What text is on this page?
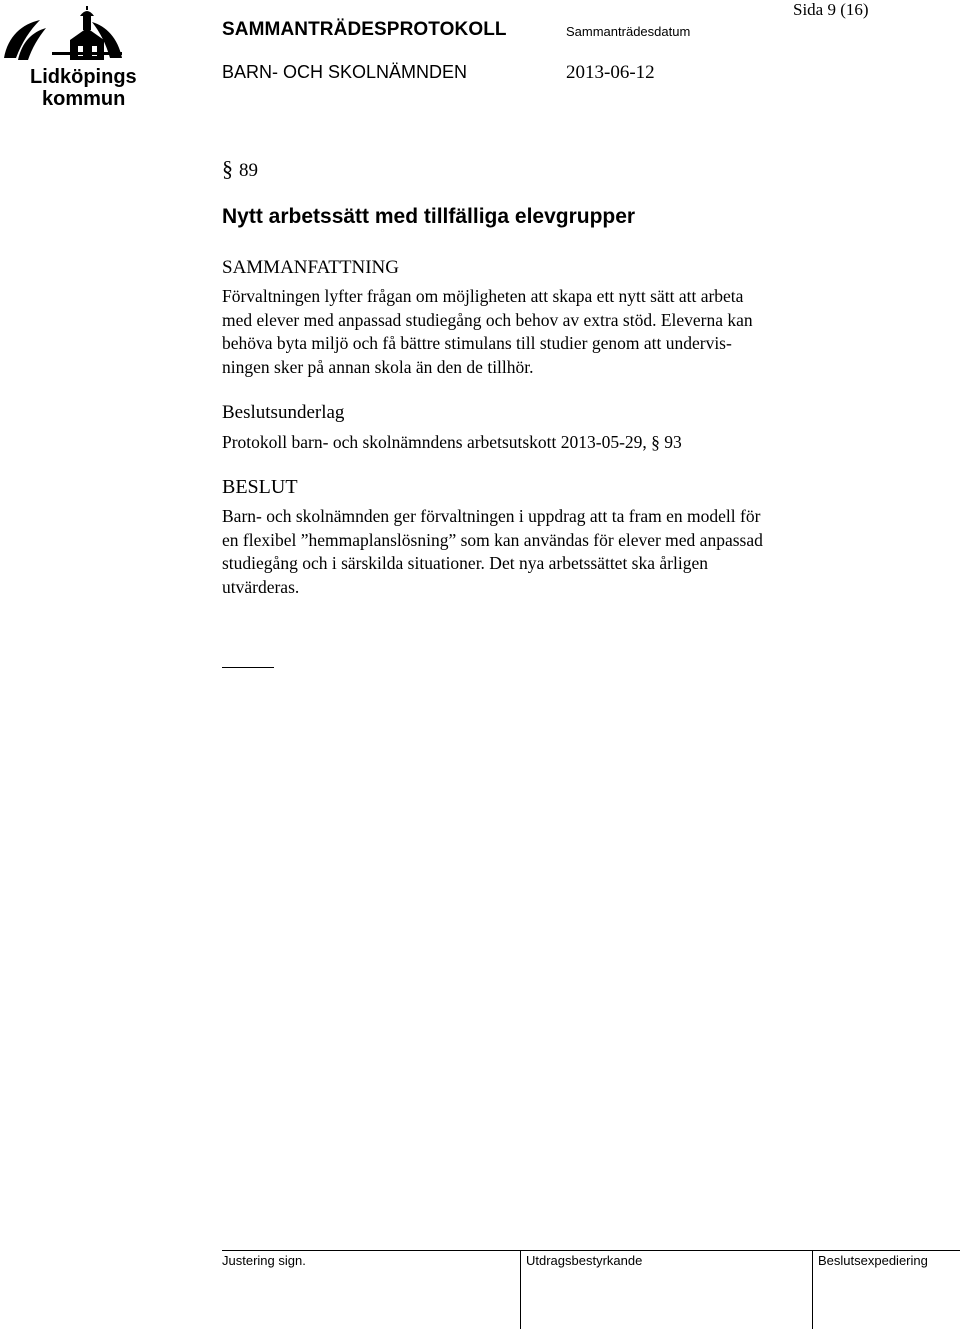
Lidköpings
kommun
SAMMANTRÄDESPROTOKOLL	Sammanträdesdatum
Sida 9 (16)
BARN- OCH SKOLNÄMNDEN	2013-06-12
§ 89
Nytt arbetssätt med tillfälliga elevgrupper
SAMMANFATTNING
Förvaltningen lyfter frågan om möjligheten att skapa ett nytt sätt att arbeta
med elever med anpassad studiegång och behov av extra stöd. Eleverna kan
behöva byta miljö och få bättre stimulans till studier genom att undervis-
ningen sker på annan skola än den de tillhör.
Beslutsunderlag
Protokoll barn- och skolnämndens arbetsutskott 2013-05-29, § 93
BESLUT
Barn- och skolnämnden ger förvaltningen i uppdrag att ta fram en modell för
en flexibel ”hemmaplanslösning” som kan användas för elever med anpassad
studiegång och i särskilda situationer. Det nya arbetssättet ska årligen
utvärderas.
Justering sign.	Utdragsbestyrkande	Beslutsexpediering
